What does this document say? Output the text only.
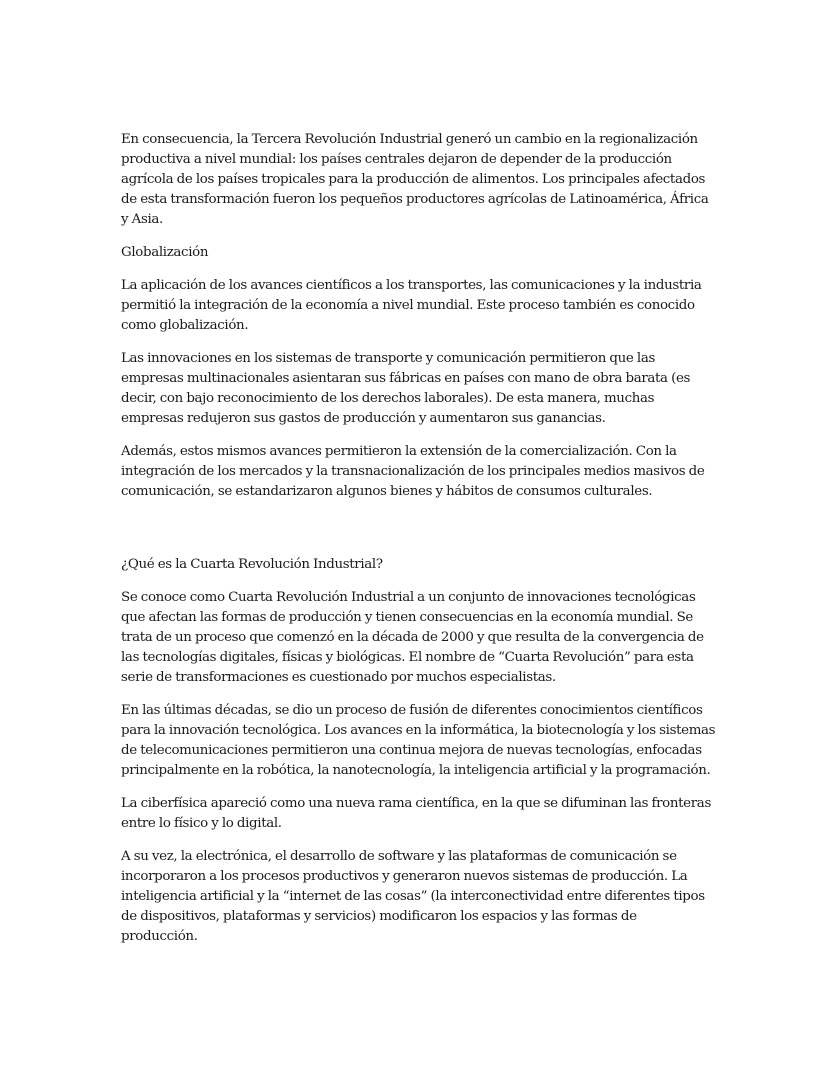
En consecuencia, la Tercera Revolución Industrial generó un cambio en la regionalización
productiva a nivel mundial: los países centrales dejaron de depender de la producción
agrícola de los países tropicales para la producción de alimentos. Los principales afectados
de esta transformación fueron los pequeños productores agrícolas de Latinoamérica, África
y Asia.
Globalización
La aplicación de los avances científicos a los transportes, las comunicaciones y la industria
permitió la integración de la economía a nivel mundial. Este proceso también es conocido
como globalización.
Las innovaciones en los sistemas de transporte y comunicación permitieron que las
empresas multinacionales asientaran sus fábricas en países con mano de obra barata (es
decir, con bajo reconocimiento de los derechos laborales). De esta manera, muchas
empresas redujeron sus gastos de producción y aumentaron sus ganancias.
Además, estos mismos avances permitieron la extensión de la comercialización. Con la
integración de los mercados y la transnacionalización de los principales medios masivos de
comunicación, se estandarizaron algunos bienes y hábitos de consumos culturales.
¿Qué es la Cuarta Revolución Industrial?
Se conoce como Cuarta Revolución Industrial a un conjunto de innovaciones tecnológicas
que afectan las formas de producción y tienen consecuencias en la economía mundial. Se
trata de un proceso que comenzó en la década de 2000 y que resulta de la convergencia de
las tecnologías digitales, físicas y biológicas. El nombre de “Cuarta Revolución” para esta
serie de transformaciones es cuestionado por muchos especialistas.
En las últimas décadas, se dio un proceso de fusión de diferentes conocimientos científicos
para la innovación tecnológica. Los avances en la informática, la biotecnología y los sistemas
de telecomunicaciones permitieron una continua mejora de nuevas tecnologías, enfocadas
principalmente en la robótica, la nanotecnología, la inteligencia artificial y la programación.
La ciberfísica apareció como una nueva rama científica, en la que se difuminan las fronteras
entre lo físico y lo digital.
A su vez, la electrónica, el desarrollo de software y las plataformas de comunicación se
incorporaron a los procesos productivos y generaron nuevos sistemas de producción. La
inteligencia artificial y la “internet de las cosas” (la interconectividad entre diferentes tipos
de dispositivos, plataformas y servicios) modificaron los espacios y las formas de
producción.
